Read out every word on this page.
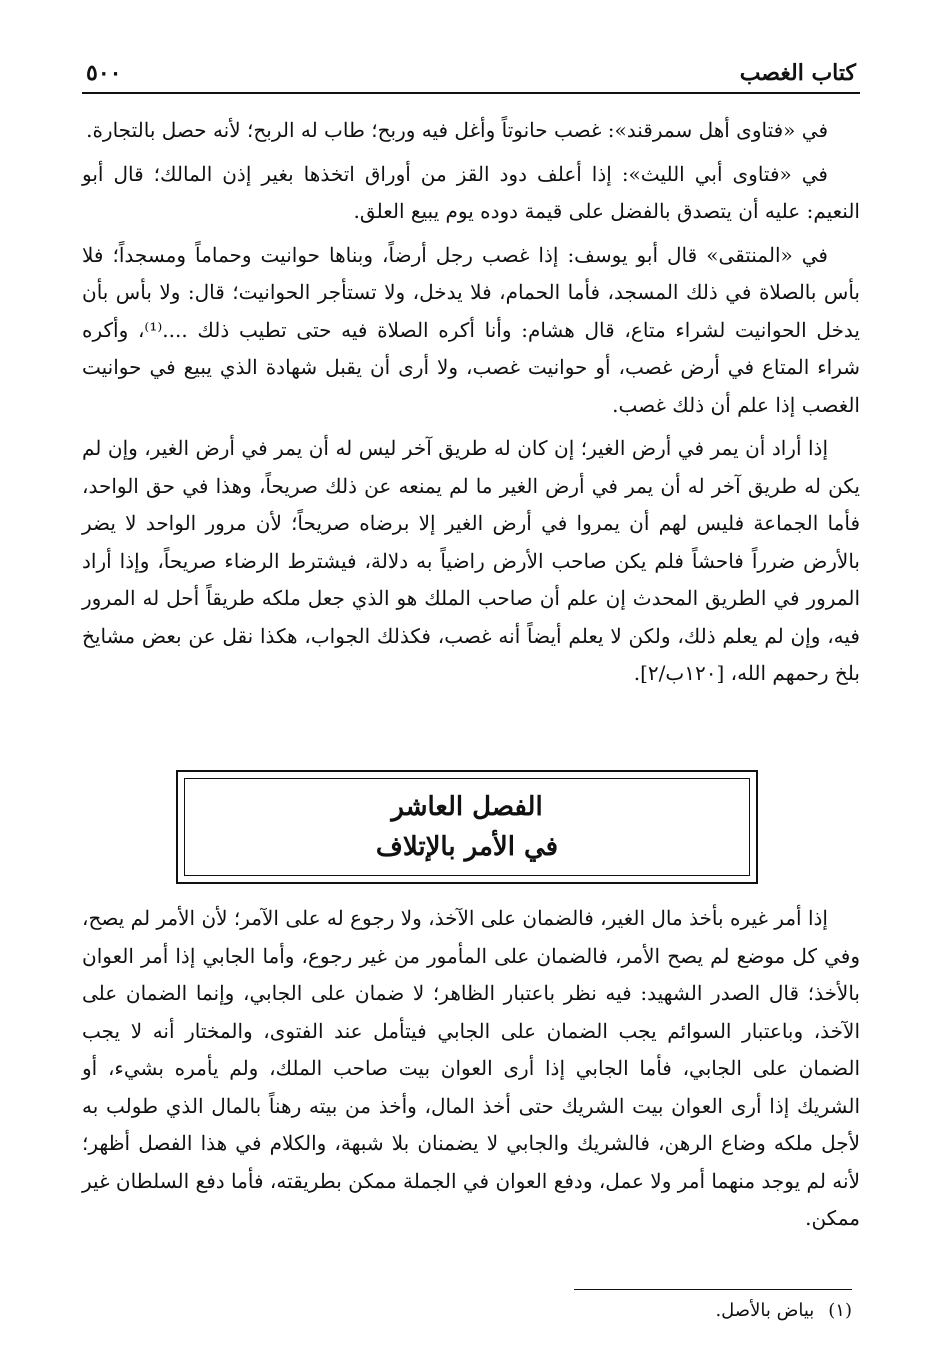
كتاب الغصب
٥٠٠

في «فتاوى أهل سمرقند»: غصب حانوتاً وأغل فيه وربح؛ طاب له الربح؛ لأنه حصل بالتجارة.

في «فتاوى أبي الليث»: إذا أعلف دود القز من أوراق اتخذها بغير إذن المالك؛ قال أبو النعيم: عليه أن يتصدق بالفضل على قيمة دوده يوم يبيع العلق.

في «المنتقى» قال أبو يوسف: إذا غصب رجل أرضاً، وبناها حوانيت وحماماً ومسجداً؛ فلا بأس بالصلاة في ذلك المسجد، فأما الحمام، فلا يدخل، ولا تستأجر الحوانيت؛ قال: ولا بأس بأن يدخل الحوانيت لشراء متاع، قال هشام: وأنا أكره الصلاة فيه حتى تطيب ذلك ....⁽¹⁾، وأكره شراء المتاع في أرض غصب، أو حوانيت غصب، ولا أرى أن يقبل شهادة الذي يبيع في حوانيت الغصب إذا علم أن ذلك غصب.

إذا أراد أن يمر في أرض الغير؛ إن كان له طريق آخر ليس له أن يمر في أرض الغير، وإن لم يكن له طريق آخر له أن يمر في أرض الغير ما لم يمنعه عن ذلك صريحاً، وهذا في حق الواحد، فأما الجماعة فليس لهم أن يمروا في أرض الغير إلا برضاه صريحاً؛ لأن مرور الواحد لا يضر بالأرض ضرراً فاحشاً فلم يكن صاحب الأرض راضياً به دلالة، فيشترط الرضاء صريحاً، وإذا أراد المرور في الطريق المحدث إن علم أن صاحب الملك هو الذي جعل ملكه طريقاً أحل له المرور فيه، وإن لم يعلم ذلك، ولكن لا يعلم أيضاً أنه غصب، فكذلك الجواب، هكذا نقل عن بعض مشايخ بلخ رحمهم الله، [١٢٠ب/٢].

الفصل العاشر
في الأمر بالإتلاف

إذا أمر غيره بأخذ مال الغير، فالضمان على الآخذ، ولا رجوع له على الآمر؛ لأن الأمر لم يصح، وفي كل موضع لم يصح الأمر، فالضمان على المأمور من غير رجوع، وأما الجابي إذا أمر العوان بالأخذ؛ قال الصدر الشهيد: فيه نظر باعتبار الظاهر؛ لا ضمان على الجابي، وإنما الضمان على الآخذ، وباعتبار السوائم يجب الضمان على الجابي فيتأمل عند الفتوى، والمختار أنه لا يجب الضمان على الجابي، فأما الجابي إذا أرى العوان بيت صاحب الملك، ولم يأمره بشيء، أو الشريك إذا أرى العوان بيت الشريك حتى أخذ المال، وأخذ من بيته رهناً بالمال الذي طولب به لأجل ملكه وضاع الرهن، فالشريك والجابي لا يضمنان بلا شبهة، والكلام في هذا الفصل أظهر؛ لأنه لم يوجد منهما أمر ولا عمل، ودفع العوان في الجملة ممكن بطريقته، فأما دفع السلطان غير ممكن.

(١)بياض بالأصل.
